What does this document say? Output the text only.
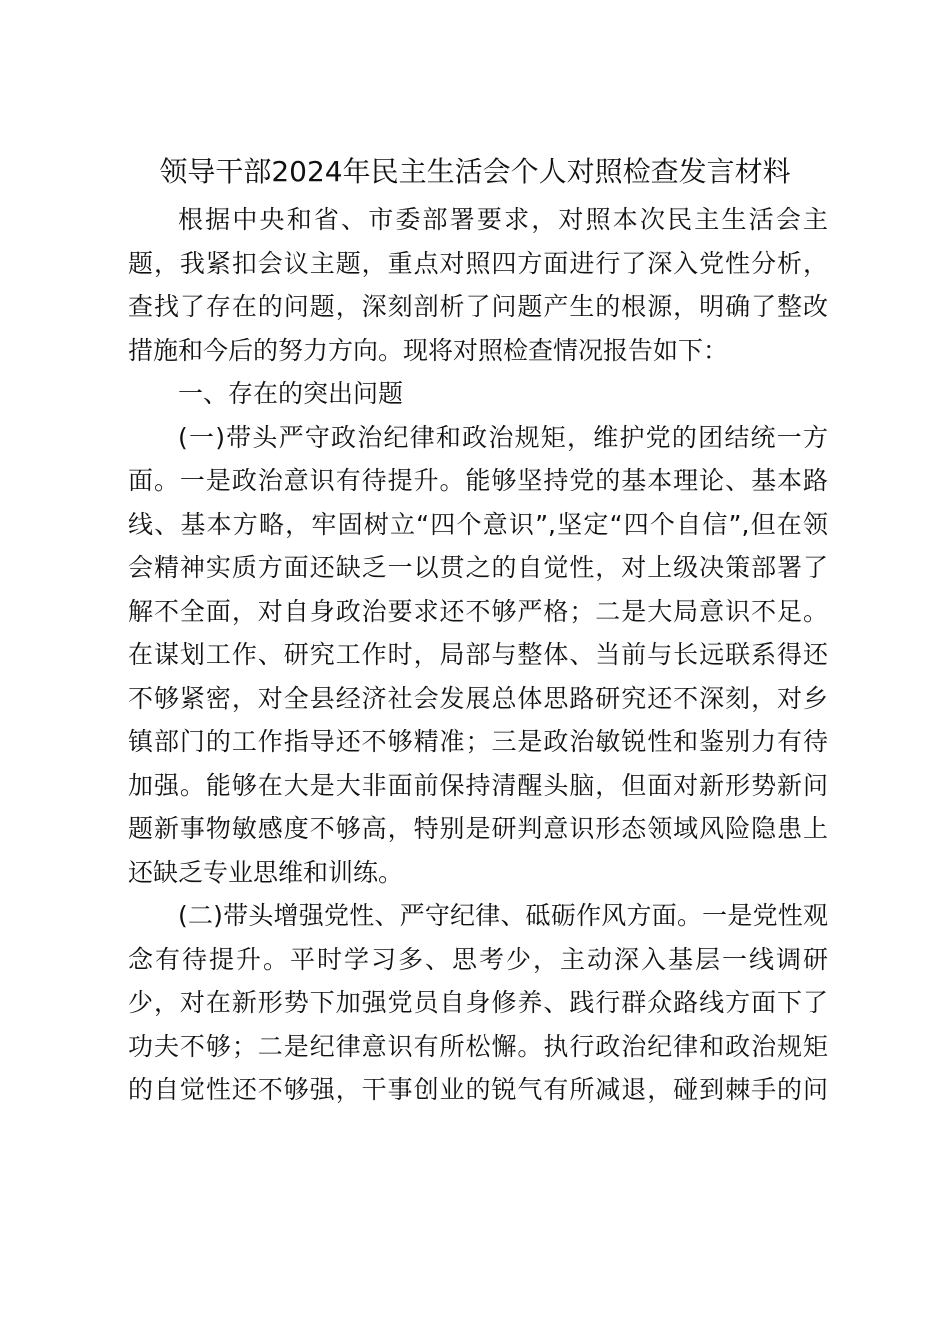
领导干部2024年民主生活会个人对照检查发言材料

根据中央和省、市委部署要求，对照本次民主生活会主
题，我紧扣会议主题，重点对照四方面进行了深入党性分析，
查找了存在的问题，深刻剖析了问题产生的根源，明确了整改
措施和今后的努力方向。现将对照检查情况报告如下：

一、存在的突出问题

(一)带头严守政治纪律和政治规矩，维护党的团结统一方
面。一是政治意识有待提升。能够坚持党的基本理论、基本路
线、基本方略，牢固树立“四个意识”,坚定“四个自信”,但在领
会精神实质方面还缺乏一以贯之的自觉性，对上级决策部署了
解不全面，对自身政治要求还不够严格；二是大局意识不足。
在谋划工作、研究工作时，局部与整体、当前与长远联系得还
不够紧密，对全县经济社会发展总体思路研究还不深刻，对乡
镇部门的工作指导还不够精准；三是政治敏锐性和鉴别力有待
加强。能够在大是大非面前保持清醒头脑，但面对新形势新问
题新事物敏感度不够高，特别是研判意识形态领域风险隐患上
还缺乏专业思维和训练。

(二)带头增强党性、严守纪律、砥砺作风方面。一是党性观
念有待提升。平时学习多、思考少，主动深入基层一线调研
少，对在新形势下加强党员自身修养、践行群众路线方面下了
功夫不够；二是纪律意识有所松懈。执行政治纪律和政治规矩
的自觉性还不够强，干事创业的锐气有所减退，碰到棘手的问
